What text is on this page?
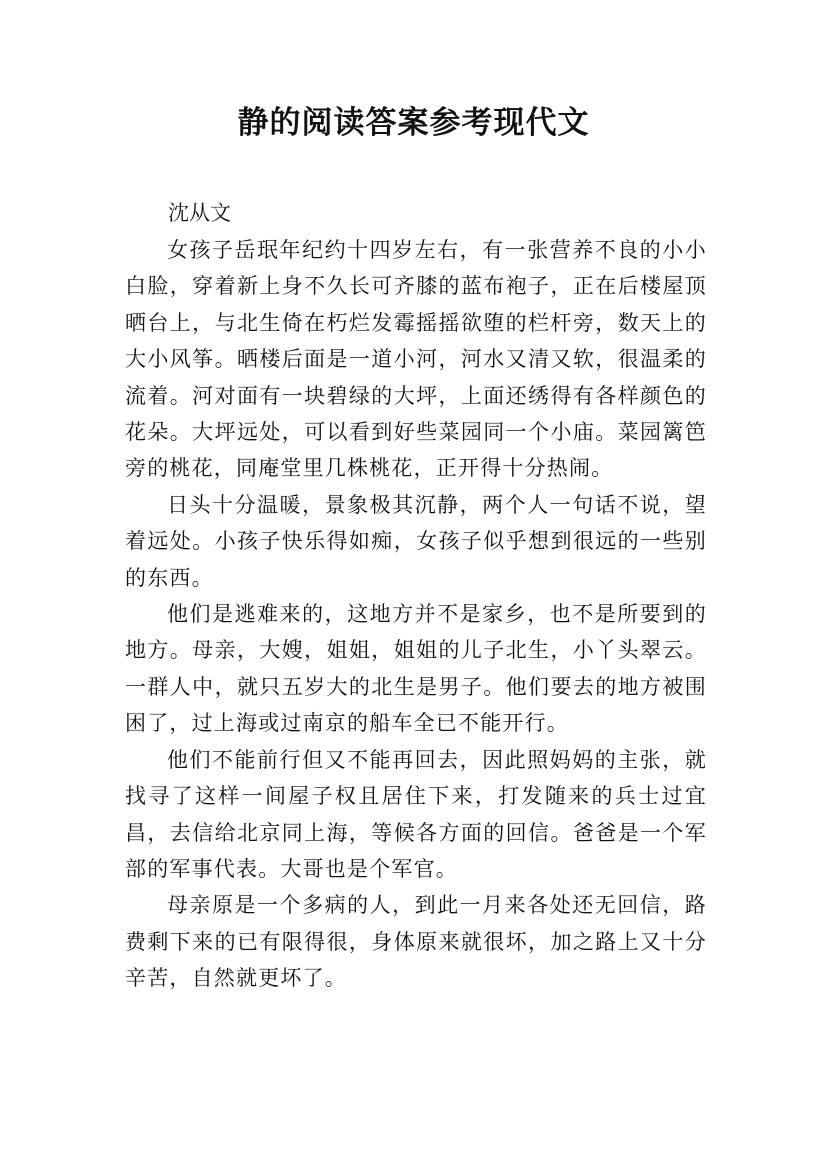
静的阅读答案参考现代文
沈从文

女孩子岳珉年纪约十四岁左右，有一张营养不良的小小白脸，穿着新上身不久长可齐膝的蓝布袍子，正在后楼屋顶晒台上，与北生倚在朽烂发霉摇摇欲堕的栏杆旁，数天上的大小风筝。晒楼后面是一道小河，河水又清又软，很温柔的流着。河对面有一块碧绿的大坪，上面还绣得有各样颜色的花朵。大坪远处，可以看到好些菜园同一个小庙。菜园篱笆旁的桃花，同庵堂里几株桃花，正开得十分热闹。

日头十分温暖，景象极其沉静，两个人一句话不说，望着远处。小孩子快乐得如痴，女孩子似乎想到很远的一些别的东西。

他们是逃难来的，这地方并不是家乡，也不是所要到的地方。母亲，大嫂，姐姐，姐姐的儿子北生，小丫头翠云。一群人中，就只五岁大的北生是男子。他们要去的地方被围困了，过上海或过南京的船车全已不能开行。

他们不能前行但又不能再回去，因此照妈妈的主张，就找寻了这样一间屋子权且居住下来，打发随来的兵士过宜昌，去信给北京同上海，等候各方面的回信。爸爸是一个军部的军事代表。大哥也是个军官。

母亲原是一个多病的人，到此一月来各处还无回信，路费剩下来的已有限得很，身体原来就很坏，加之路上又十分辛苦，自然就更坏了。
